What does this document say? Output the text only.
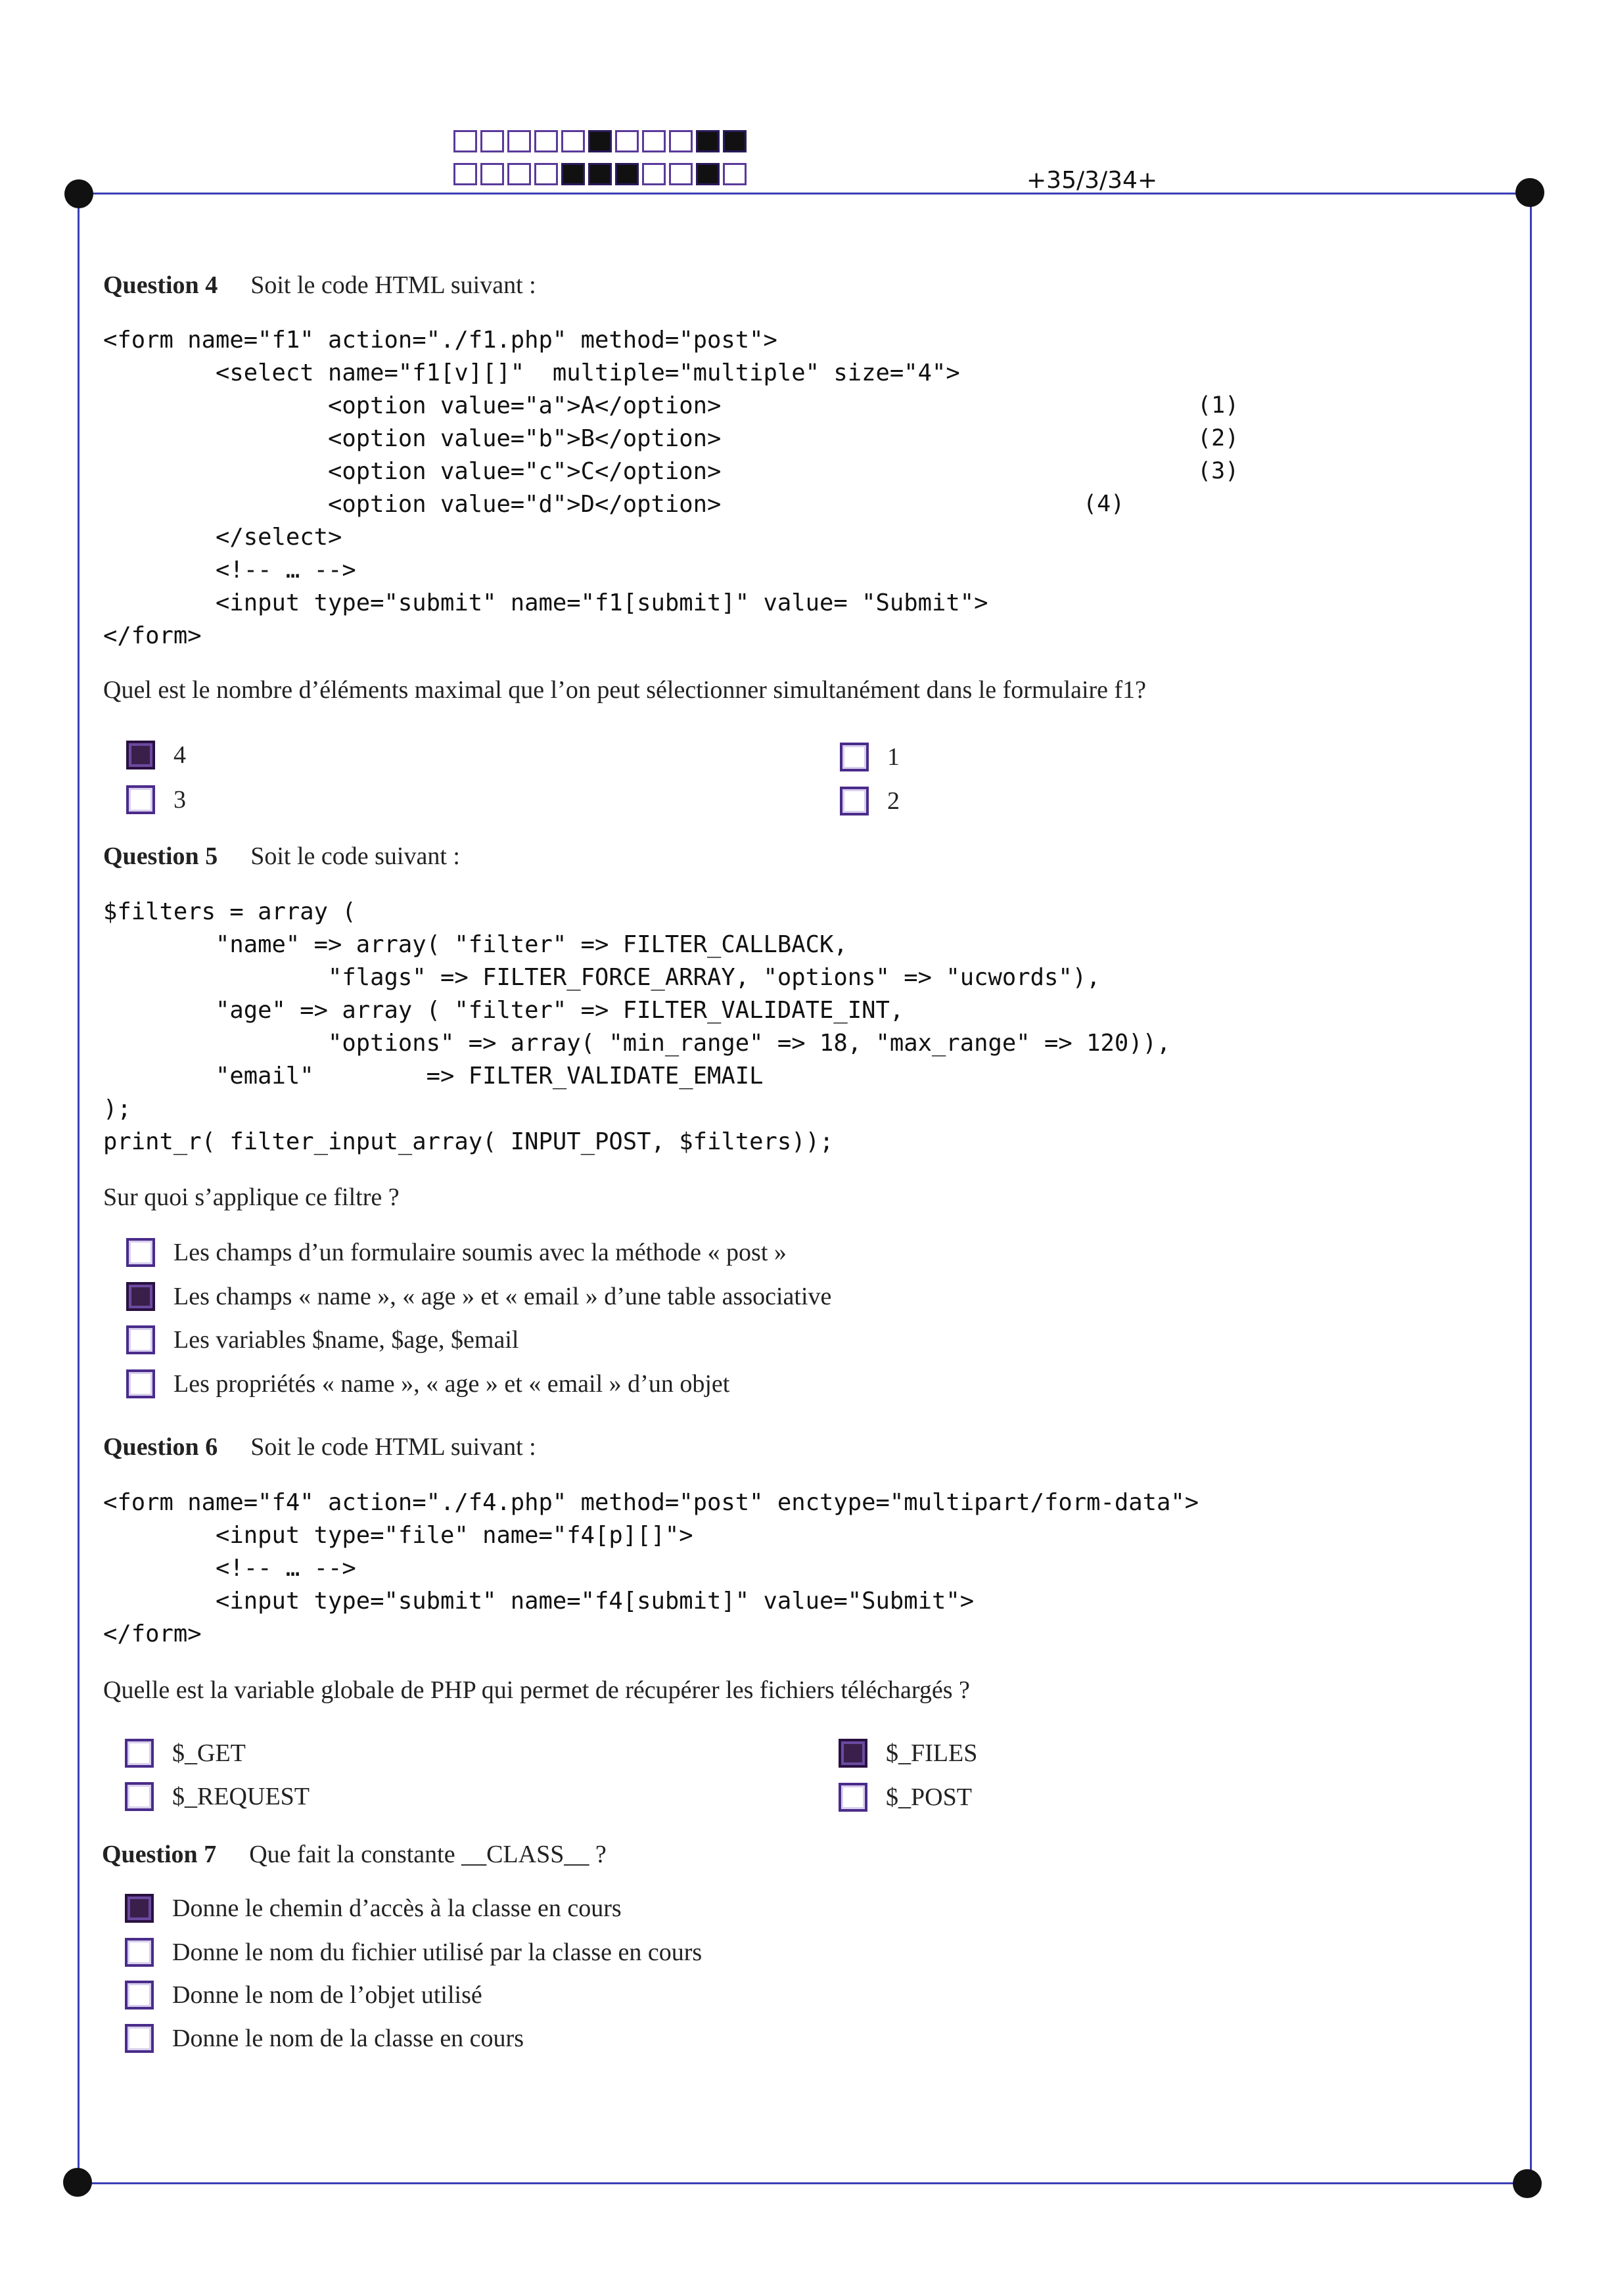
+35/3/34+
Question 4 Soit le code HTML suivant :
<form name="f1" action="./f1.php" method="post">
<select name="f1[v][]"  multiple="multiple" size="4">
<option value="a">A</option>
<option value="b">B</option>
<option value="c">C</option>
<option value="d">D</option>
</select>
<!-- … -->
<input type="submit" name="f1[submit]" value= "Submit">
</form>
(1)
(2)
(3)
(4)
Quel est le nombre d’éléments maximal que l’on peut sélectionner simultanément dans le formulaire f1?
4	1
3	2
Question 5 Soit le code suivant :
$filters = array (
"name" => array( "filter" => FILTER_CALLBACK,
"flags" => FILTER_FORCE_ARRAY, "options" => "ucwords"),
"age" => array ( "filter" => FILTER_VALIDATE_INT,
"options" => array( "min_range" => 18, "max_range" => 120)),
"email"        => FILTER_VALIDATE_EMAIL
);
print_r( filter_input_array( INPUT_POST, $filters));
Sur quoi s’applique ce filtre ?
Les champs d’un formulaire soumis avec la méthode « post »
Les champs « name », « age » et « email » d’une table associative
Les variables $name, $age, $email
Les propriétés « name », « age » et « email » d’un objet
Question 6 Soit le code HTML suivant :
<form name="f4" action="./f4.php" method="post" enctype="multipart/form-data">
<input type="file" name="f4[p][]">
<!-- … -->
<input type="submit" name="f4[submit]" value="Submit">
</form>
Quelle est la variable globale de PHP qui permet de récupérer les fichiers téléchargés ?
$_GET	$_FILES
$_REQUEST	$_POST
Question 7 Que fait la constante __CLASS__ ?
Donne le chemin d’accès à la classe en cours
Donne le nom du fichier utilisé par la classe en cours
Donne le nom de l’objet utilisé
Donne le nom de la classe en cours
